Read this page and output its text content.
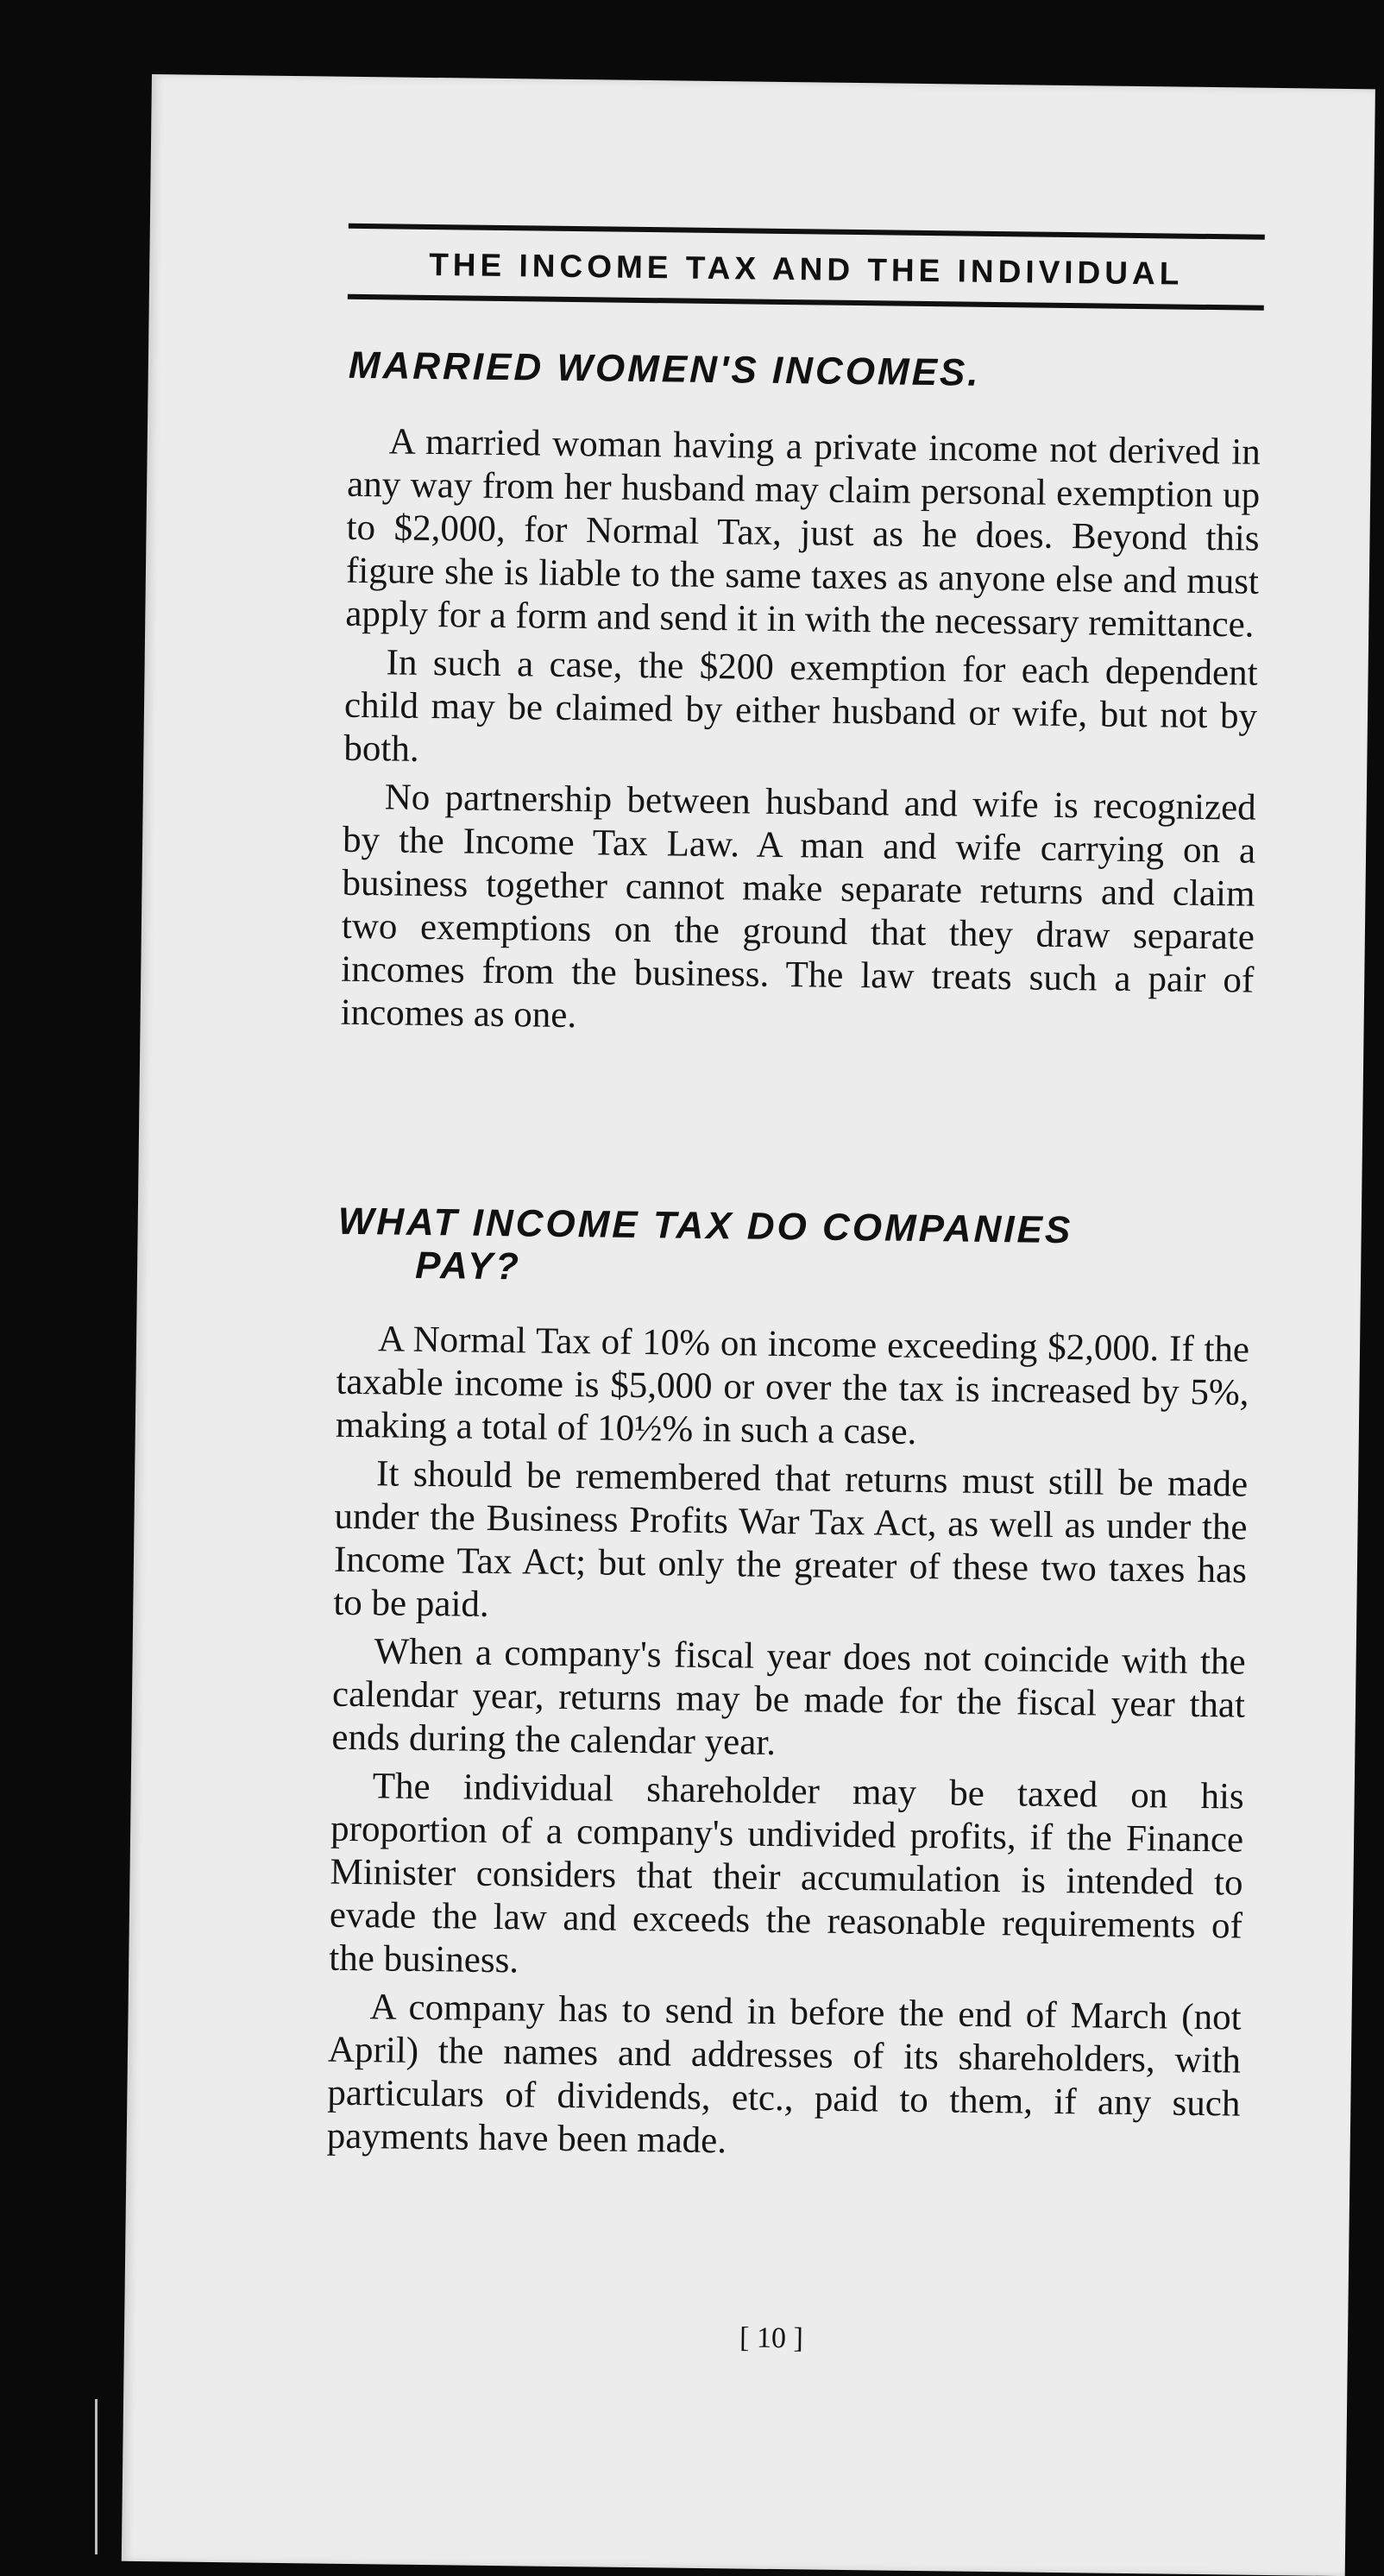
THE INCOME TAX AND THE INDIVIDUAL
MARRIED WOMEN'S INCOMES.

A married woman having a private income not derived in any way from her husband may claim personal exemption up to $2,000, for Normal Tax, just as he does. Beyond this figure she is liable to the same taxes as anyone else and must apply for a form and send it in with the necessary remittance.

In such a case, the $200 exemption for each dependent child may be claimed by either husband or wife, but not by both.

No partnership between husband and wife is recognized by the Income Tax Law. A man and wife carrying on a business together cannot make separate returns and claim two exemptions on the ground that they draw separate incomes from the business. The law treats such a pair of incomes as one.

WHAT INCOME TAX DO COMPANIES
PAY?

A Normal Tax of 10% on income exceeding $2,000. If the taxable income is $5,000 or over the tax is increased by 5%, making a total of 10½% in such a case.

It should be remembered that returns must still be made under the Business Profits War Tax Act, as well as under the Income Tax Act; but only the greater of these two taxes has to be paid.

When a company's fiscal year does not coincide with the calendar year, returns may be made for the fiscal year that ends during the calendar year.

The individual shareholder may be taxed on his proportion of a company's undivided profits, if the Finance Minister considers that their accumulation is intended to evade the law and exceeds the reasonable requirements of the business.

A company has to send in before the end of March (not April) the names and addresses of its shareholders, with particulars of dividends, etc., paid to them, if any such payments have been made.

[ 10 ]
